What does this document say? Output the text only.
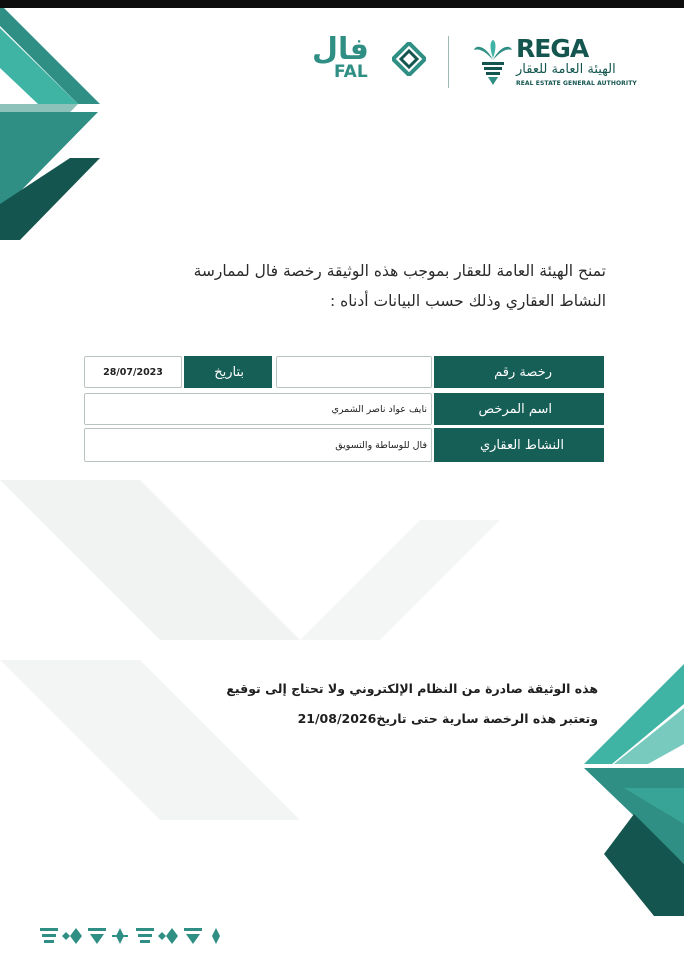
فال
FAL
REGA
الهيئة العامة للعقار
REAL ESTATE GENERAL AUTHORITY
تمنح الهيئة العامة للعقار بموجب هذه الوثيقة رخصة فال لممارسة
النشاط العقاري وذلك حسب البيانات أدناه :
رخصة رقم
بتاريخ
28/07/2023
اسم المرخص
نايف عواد ناصر الشمري
النشاط العقاري
فال للوساطة والتسويق
هذه الوثيقة صادرة من النظام الإلكتروني ولا تحتاج إلى توقيع
وتعتبر هذه الرخصة سارية حتى تاريخ21/08/2026
